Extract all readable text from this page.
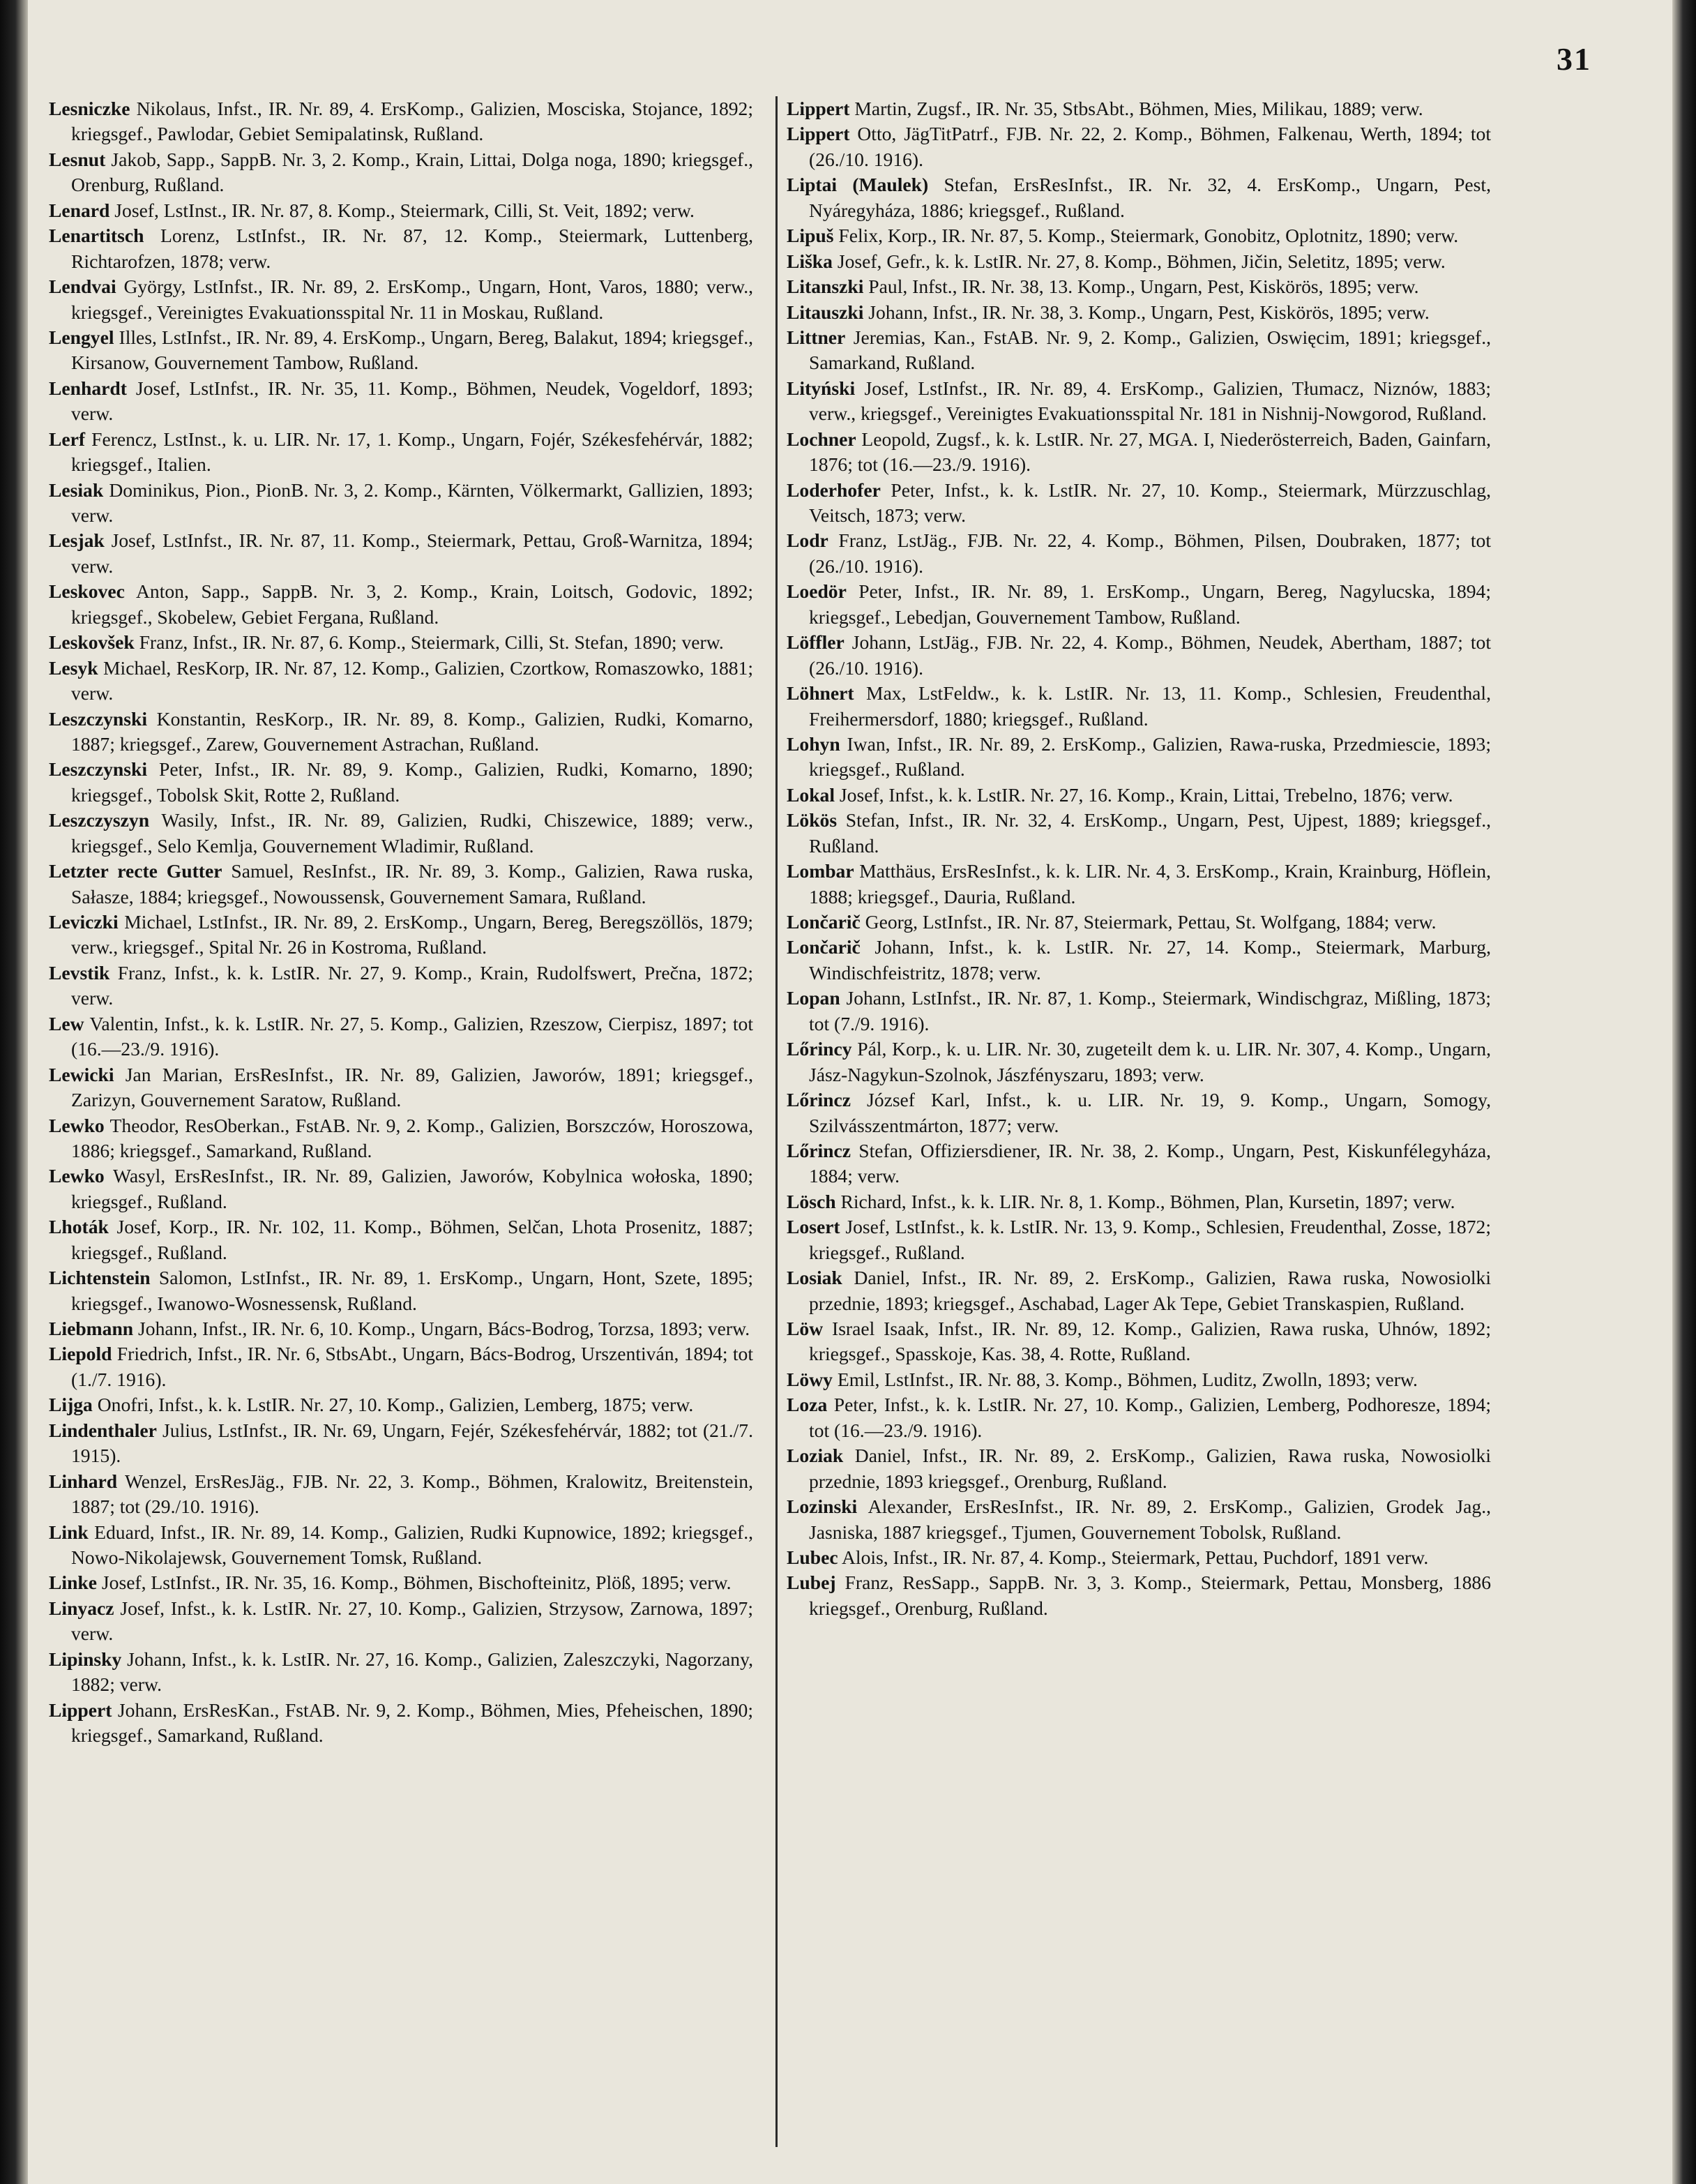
31

Lesniczke Nikolaus, Infst., IR. Nr. 89, 4. ErsKomp., Galizien, Mosciska, Stojance, 1892; kriegsgef., Pawlodar, Gebiet Semipalatinsk, Rußland.

Lesnut Jakob, Sapp., SappB. Nr. 3, 2. Komp., Krain, Littai, Dolga noga, 1890; kriegsgef., Orenburg, Rußland.

Lenard Josef, LstInst., IR. Nr. 87, 8. Komp., Steiermark, Cilli, St. Veit, 1892; verw.

Lenartitsch Lorenz, LstInfst., IR. Nr. 87, 12. Komp., Steiermark, Luttenberg, Richtarofzen, 1878; verw.

Lendvai György, LstInfst., IR. Nr. 89, 2. ErsKomp., Ungarn, Hont, Varos, 1880; verw., kriegsgef., Vereinigtes Evakuationsspital Nr. 11 in Moskau, Rußland.

Lengyel Illes, LstInfst., IR. Nr. 89, 4. ErsKomp., Ungarn, Bereg, Balakut, 1894; kriegsgef., Kirsanow, Gouvernement Tambow, Rußland.

Lenhardt Josef, LstInfst., IR. Nr. 35, 11. Komp., Böhmen, Neudek, Vogeldorf, 1893; verw.

Lerf Ferencz, LstInst., k. u. LIR. Nr. 17, 1. Komp., Ungarn, Fojér, Székesfehérvár, 1882; kriegsgef., Italien.

Lesiak Dominikus, Pion., PionB. Nr. 3, 2. Komp., Kärnten, Völkermarkt, Gallizien, 1893; verw.

Lesjak Josef, LstInfst., IR. Nr. 87, 11. Komp., Steiermark, Pettau, Groß-Warnitza, 1894; verw.

Leskovec Anton, Sapp., SappB. Nr. 3, 2. Komp., Krain, Loitsch, Godovic, 1892; kriegsgef., Skobelew, Gebiet Fergana, Rußland.

Leskovšek Franz, Infst., IR. Nr. 87, 6. Komp., Steiermark, Cilli, St. Stefan, 1890; verw.

Lesyk Michael, ResKorp, IR. Nr. 87, 12. Komp., Galizien, Czortkow, Romaszowko, 1881; verw.

Leszczynski Konstantin, ResKorp., IR. Nr. 89, 8. Komp., Galizien, Rudki, Komarno, 1887; kriegsgef., Zarew, Gouvernement Astrachan, Rußland.

Leszczynski Peter, Infst., IR. Nr. 89, 9. Komp., Galizien, Rudki, Komarno, 1890; kriegsgef., Tobolsk Skit, Rotte 2, Rußland.

Leszczyszyn Wasily, Infst., IR. Nr. 89, Galizien, Rudki, Chiszewice, 1889; verw., kriegsgef., Selo Kemlja, Gouvernement Wladimir, Rußland.

Letzter recte Gutter Samuel, ResInfst., IR. Nr. 89, 3. Komp., Galizien, Rawa ruska, Sałasze, 1884; kriegsgef., Nowoussensk, Gouvernement Samara, Rußland.

Leviczki Michael, LstInfst., IR. Nr. 89, 2. ErsKomp., Ungarn, Bereg, Beregszöllös, 1879; verw., kriegsgef., Spital Nr. 26 in Kostroma, Rußland.

Levstik Franz, Infst., k. k. LstIR. Nr. 27, 9. Komp., Krain, Rudolfswert, Prečna, 1872; verw.

Lew Valentin, Infst., k. k. LstIR. Nr. 27, 5. Komp., Galizien, Rzeszow, Cierpisz, 1897; tot (16.—23./9. 1916).

Lewicki Jan Marian, ErsResInfst., IR. Nr. 89, Galizien, Jaworów, 1891; kriegsgef., Zarizyn, Gouvernement Saratow, Rußland.

Lewko Theodor, ResOberkan., FstAB. Nr. 9, 2. Komp., Galizien, Borszczów, Horoszowa, 1886; kriegsgef., Samarkand, Rußland.

Lewko Wasyl, ErsResInfst., IR. Nr. 89, Galizien, Jaworów, Kobylnica wołoska, 1890; kriegsgef., Rußland.

Lhoták Josef, Korp., IR. Nr. 102, 11. Komp., Böhmen, Selčan, Lhota Prosenitz, 1887; kriegsgef., Rußland.

Lichtenstein Salomon, LstInfst., IR. Nr. 89, 1. ErsKomp., Ungarn, Hont, Szete, 1895; kriegsgef., Iwanowo-Wosnessensk, Rußland.

Liebmann Johann, Infst., IR. Nr. 6, 10. Komp., Ungarn, Bács-Bodrog, Torzsa, 1893; verw.

Liepold Friedrich, Infst., IR. Nr. 6, StbsAbt., Ungarn, Bács-Bodrog, Urszentiván, 1894; tot (1./7. 1916).

Lijga Onofri, Infst., k. k. LstIR. Nr. 27, 10. Komp., Galizien, Lemberg, 1875; verw.

Lindenthaler Julius, LstInfst., IR. Nr. 69, Ungarn, Fejér, Székesfehérvár, 1882; tot (21./7. 1915).

Linhard Wenzel, ErsResJäg., FJB. Nr. 22, 3. Komp., Böhmen, Kralowitz, Breitenstein, 1887; tot (29./10. 1916).

Link Eduard, Infst., IR. Nr. 89, 14. Komp., Galizien, Rudki Kupnowice, 1892; kriegsgef., Nowo-Nikolajewsk, Gouvernement Tomsk, Rußland.

Linke Josef, LstInfst., IR. Nr. 35, 16. Komp., Böhmen, Bischofteinitz, Plöß, 1895; verw.

Linyacz Josef, Infst., k. k. LstIR. Nr. 27, 10. Komp., Galizien, Strzysow, Zarnowa, 1897; verw.

Lipinsky Johann, Infst., k. k. LstIR. Nr. 27, 16. Komp., Galizien, Zaleszczyki, Nagorzany, 1882; verw.

Lippert Johann, ErsResKan., FstAB. Nr. 9, 2. Komp., Böhmen, Mies, Pfeheischen, 1890; kriegsgef., Samarkand, Rußland.

Lippert Martin, Zugsf., IR. Nr. 35, StbsAbt., Böhmen, Mies, Milikau, 1889; verw.

Lippert Otto, JägTitPatrf., FJB. Nr. 22, 2. Komp., Böhmen, Falkenau, Werth, 1894; tot (26./10. 1916).

Liptai (Maulek) Stefan, ErsResInfst., IR. Nr. 32, 4. ErsKomp., Ungarn, Pest, Nyáregyháza, 1886; kriegsgef., Rußland.

Lipuš Felix, Korp., IR. Nr. 87, 5. Komp., Steiermark, Gonobitz, Oplotnitz, 1890; verw.

Liška Josef, Gefr., k. k. LstIR. Nr. 27, 8. Komp., Böhmen, Jičin, Seletitz, 1895; verw.

Litanszki Paul, Infst., IR. Nr. 38, 13. Komp., Ungarn, Pest, Kiskörös, 1895; verw.

Litauszki Johann, Infst., IR. Nr. 38, 3. Komp., Ungarn, Pest, Kiskörös, 1895; verw.

Littner Jeremias, Kan., FstAB. Nr. 9, 2. Komp., Galizien, Oswięcim, 1891; kriegsgef., Samarkand, Rußland.

Lityński Josef, LstInfst., IR. Nr. 89, 4. ErsKomp., Galizien, Tłumacz, Niznów, 1883; verw., kriegsgef., Vereinigtes Evakuationsspital Nr. 181 in Nishnij-Nowgorod, Rußland.

Lochner Leopold, Zugsf., k. k. LstIR. Nr. 27, MGA. I, Niederösterreich, Baden, Gainfarn, 1876; tot (16.—23./9. 1916).

Loderhofer Peter, Infst., k. k. LstIR. Nr. 27, 10. Komp., Steiermark, Mürzzuschlag, Veitsch, 1873; verw.

Lodr Franz, LstJäg., FJB. Nr. 22, 4. Komp., Böhmen, Pilsen, Doubraken, 1877; tot (26./10. 1916).

Loedör Peter, Infst., IR. Nr. 89, 1. ErsKomp., Ungarn, Bereg, Nagylucska, 1894; kriegsgef., Lebedjan, Gouvernement Tambow, Rußland.

Löffler Johann, LstJäg., FJB. Nr. 22, 4. Komp., Böhmen, Neudek, Abertham, 1887; tot (26./10. 1916).

Löhnert Max, LstFeldw., k. k. LstIR. Nr. 13, 11. Komp., Schlesien, Freudenthal, Freihermersdorf, 1880; kriegsgef., Rußland.

Lohyn Iwan, Infst., IR. Nr. 89, 2. ErsKomp., Galizien, Rawa-ruska, Przedmiescie, 1893; kriegsgef., Rußland.

Lokal Josef, Infst., k. k. LstIR. Nr. 27, 16. Komp., Krain, Littai, Trebelno, 1876; verw.

Lökös Stefan, Infst., IR. Nr. 32, 4. ErsKomp., Ungarn, Pest, Ujpest, 1889; kriegsgef., Rußland.

Lombar Matthäus, ErsResInfst., k. k. LIR. Nr. 4, 3. ErsKomp., Krain, Krainburg, Höflein, 1888; kriegsgef., Dauria, Rußland.

Lončarič Georg, LstInfst., IR. Nr. 87, Steiermark, Pettau, St. Wolfgang, 1884; verw.

Lončarič Johann, Infst., k. k. LstIR. Nr. 27, 14. Komp., Steiermark, Marburg, Windischfeistritz, 1878; verw.

Lopan Johann, LstInfst., IR. Nr. 87, 1. Komp., Steiermark, Windischgraz, Mißling, 1873; tot (7./9. 1916).

Lőrincy Pál, Korp., k. u. LIR. Nr. 30, zugeteilt dem k. u. LIR. Nr. 307, 4. Komp., Ungarn, Jász-Nagykun-Szolnok, Jászfényszaru, 1893; verw.

Lőrincz József Karl, Infst., k. u. LIR. Nr. 19, 9. Komp., Ungarn, Somogy, Szilvásszentmárton, 1877; verw.

Lőrincz Stefan, Offiziersdiener, IR. Nr. 38, 2. Komp., Ungarn, Pest, Kiskunfélegyháza, 1884; verw.

Lösch Richard, Infst., k. k. LIR. Nr. 8, 1. Komp., Böhmen, Plan, Kursetin, 1897; verw.

Losert Josef, LstInfst., k. k. LstIR. Nr. 13, 9. Komp., Schlesien, Freudenthal, Zosse, 1872; kriegsgef., Rußland.

Losiak Daniel, Infst., IR. Nr. 89, 2. ErsKomp., Galizien, Rawa ruska, Nowosiolki przednie, 1893; kriegsgef., Aschabad, Lager Ak Tepe, Gebiet Transkaspien, Rußland.

Löw Israel Isaak, Infst., IR. Nr. 89, 12. Komp., Galizien, Rawa ruska, Uhnów, 1892; kriegsgef., Spasskoje, Kas. 38, 4. Rotte, Rußland.

Löwy Emil, LstInfst., IR. Nr. 88, 3. Komp., Böhmen, Luditz, Zwolln, 1893; verw.

Loza Peter, Infst., k. k. LstIR. Nr. 27, 10. Komp., Galizien, Lemberg, Podhoresze, 1894; tot (16.—23./9. 1916).

Loziak Daniel, Infst., IR. Nr. 89, 2. ErsKomp., Galizien, Rawa ruska, Nowosiolki przednie, 1893 kriegsgef., Orenburg, Rußland.

Lozinski Alexander, ErsResInfst., IR. Nr. 89, 2. ErsKomp., Galizien, Grodek Jag., Jasniska, 1887 kriegsgef., Tjumen, Gouvernement Tobolsk, Rußland.

Lubec Alois, Infst., IR. Nr. 87, 4. Komp., Steiermark, Pettau, Puchdorf, 1891 verw.

Lubej Franz, ResSapp., SappB. Nr. 3, 3. Komp., Steiermark, Pettau, Monsberg, 1886 kriegsgef., Orenburg, Rußland.
